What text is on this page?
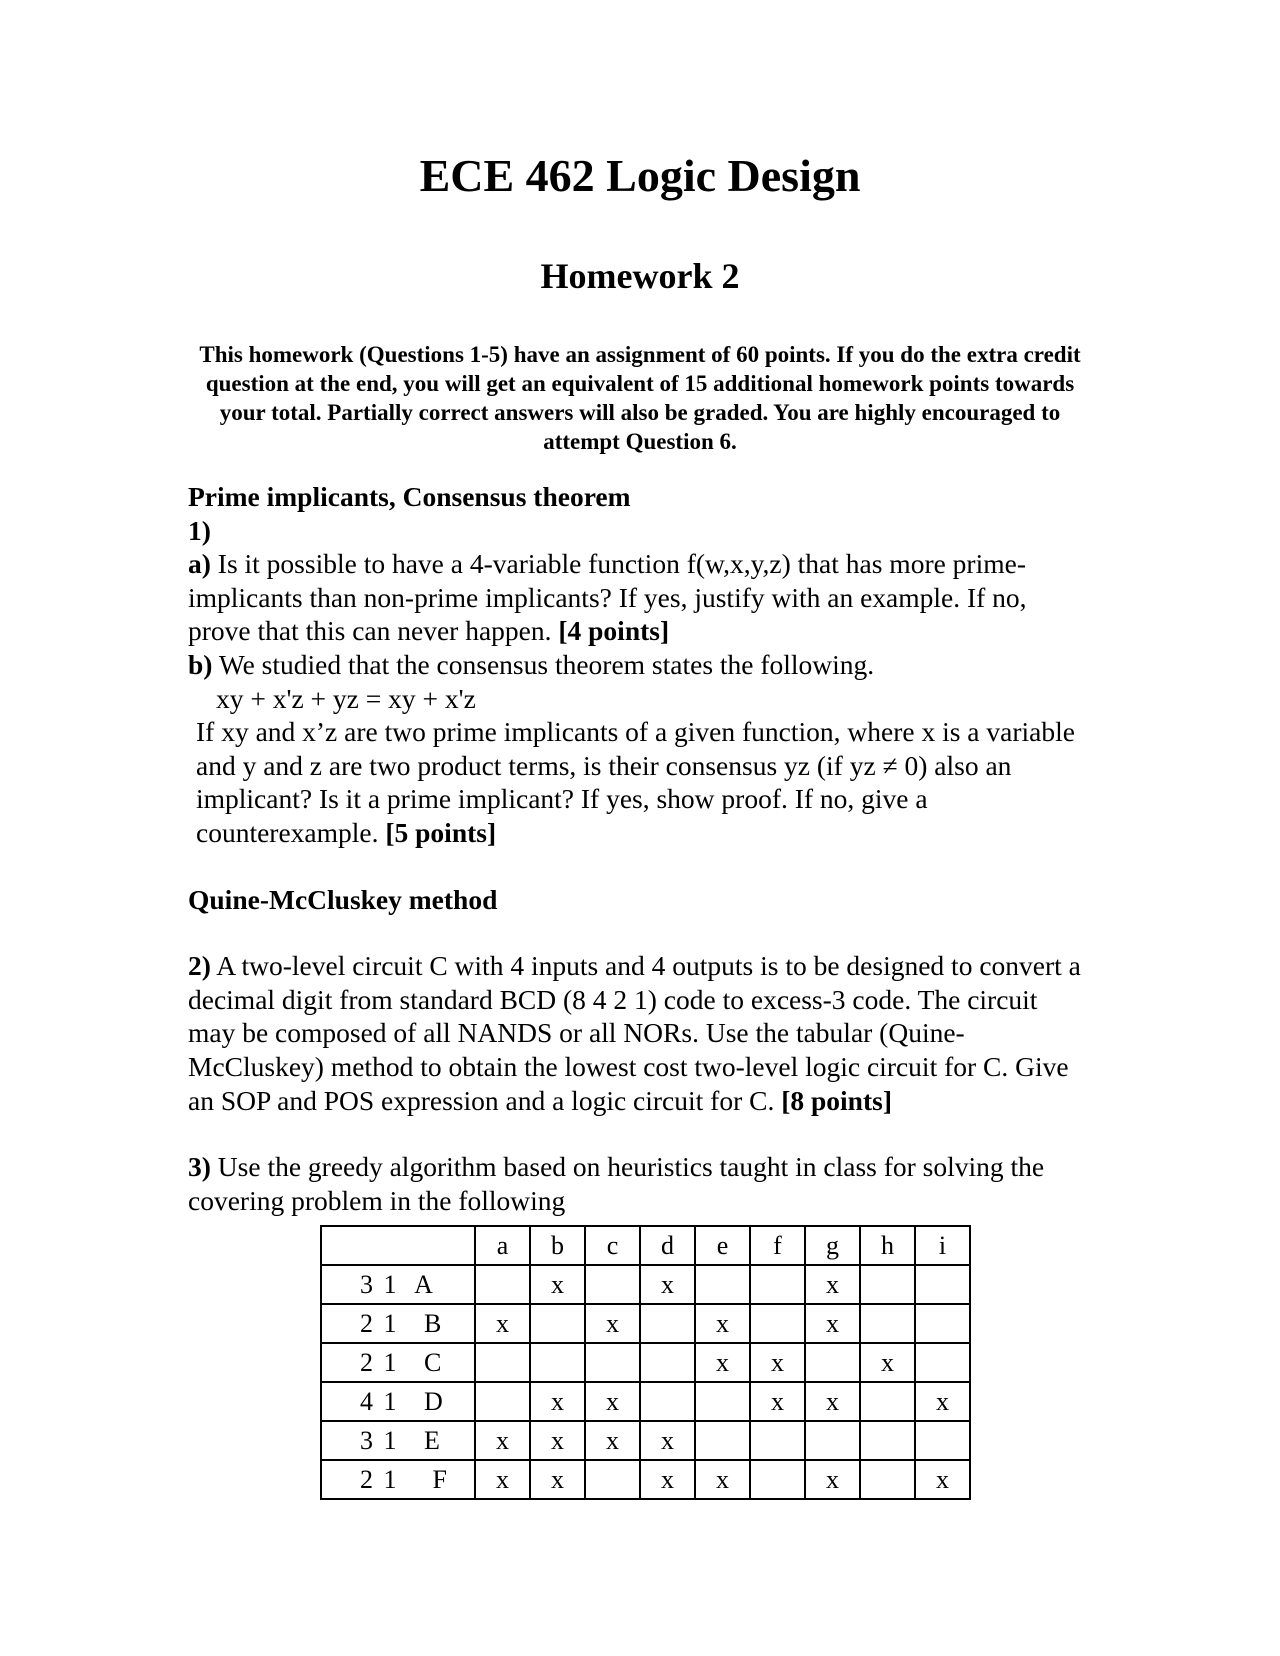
ECE 462 Logic Design
Homework 2
This homework (Questions 1-5) have an assignment of 60 points. If you do the extra credit question at the end, you will get an equivalent of 15 additional homework points towards your total. Partially correct answers will also be graded. You are highly encouraged to attempt Question 6.

Prime implicants, Consensus theorem

1)

a) Is it possible to have a 4-variable function f(w,x,y,z) that has more prime-implicants than non-prime implicants? If yes, justify with an example. If no, prove that this can never happen. [4 points]

b) We studied that the consensus theorem states the following.

xy + x'z + yz = xy + x'z

If xy and x’z are two prime implicants of a given function, where x is a variable and y and z are two product terms, is their consensus yz (if yz ≠ 0) also an implicant? Is it a prime implicant? If yes, show proof. If no, give a counterexample. [5 points]

Quine-McCluskey method

2) A two-level circuit C with 4 inputs and 4 outputs is to be designed to convert a decimal digit from standard BCD (8 4 2 1) code to excess-3 code. The circuit may be composed of all NANDS or all NORs. Use the tabular (Quine- McCluskey) method to obtain the lowest cost two-level logic circuit for C. Give an SOP and POS expression and a logic circuit for C. [8 points]

3) Use the greedy algorithm based on heuristics taught in class for solving the covering problem in the following

	a	b	c	d	e	f	g	h	i
3 1  A		x		x			x		
2 1   B	x		x		x		x		
2 1   C					x	x		x	
4 1   D		x	x			x	x		x
3 1   E	x	x	x	x					
2 1    F	x	x		x	x		x		x
